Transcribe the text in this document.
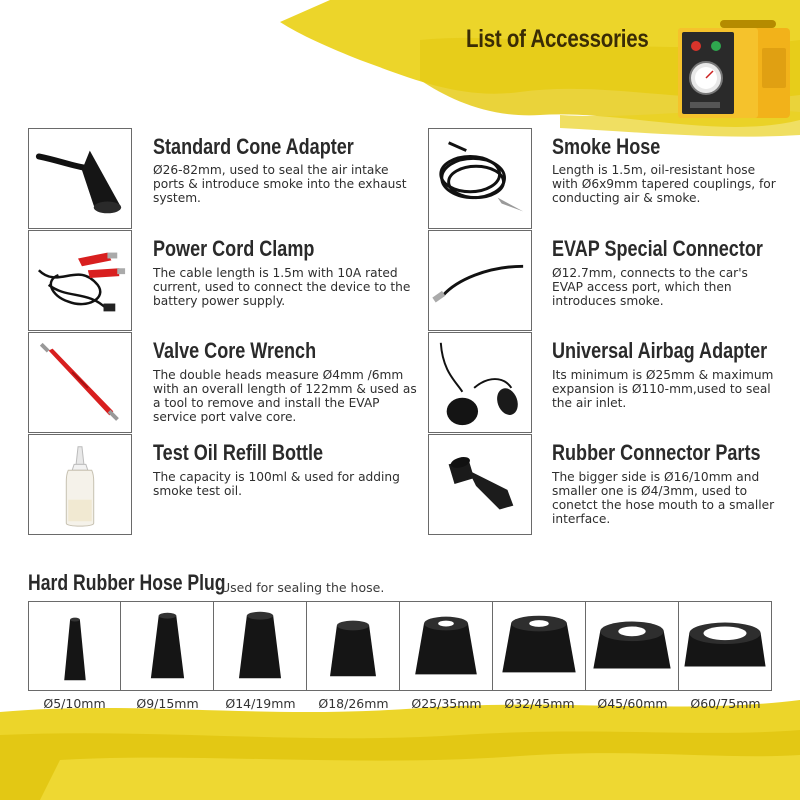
List of Accessories
Standard Cone Adapter
Ø26-82mm, used to seal the air intake ports & introduce smoke into the exhaust system.
Power Cord Clamp
The cable length is 1.5m with 10A rated current, used to connect the device to the battery power supply.
Valve Core Wrench
The double heads measure Ø4mm /6mm with an overall length of 122mm & used as a tool to remove and install the EVAP service port valve core.
Test Oil Refill Bottle
The capacity is 100ml & used for adding smoke test oil.
Smoke Hose
Length is 1.5m, oil-resistant hose with Ø6x9mm tapered couplings, for conducting air & smoke.
EVAP Special Connector
Ø12.7mm, connects to the car's EVAP access port, which then introduces smoke.
Universal Airbag Adapter
Its minimum is Ø25mm & maximum expansion is Ø110-mm,used to seal the air inlet.
Rubber Connector Parts
The bigger side is Ø16/10mm and smaller one is Ø4/3mm, used to conetct the hose mouth to a smaller interface.
Hard Rubber Hose Plug
Used for sealing the hose.
Ø5/10mm	Ø9/15mm	Ø14/19mm	Ø18/26mm	Ø25/35mm	Ø32/45mm	Ø45/60mm	Ø60/75mm
